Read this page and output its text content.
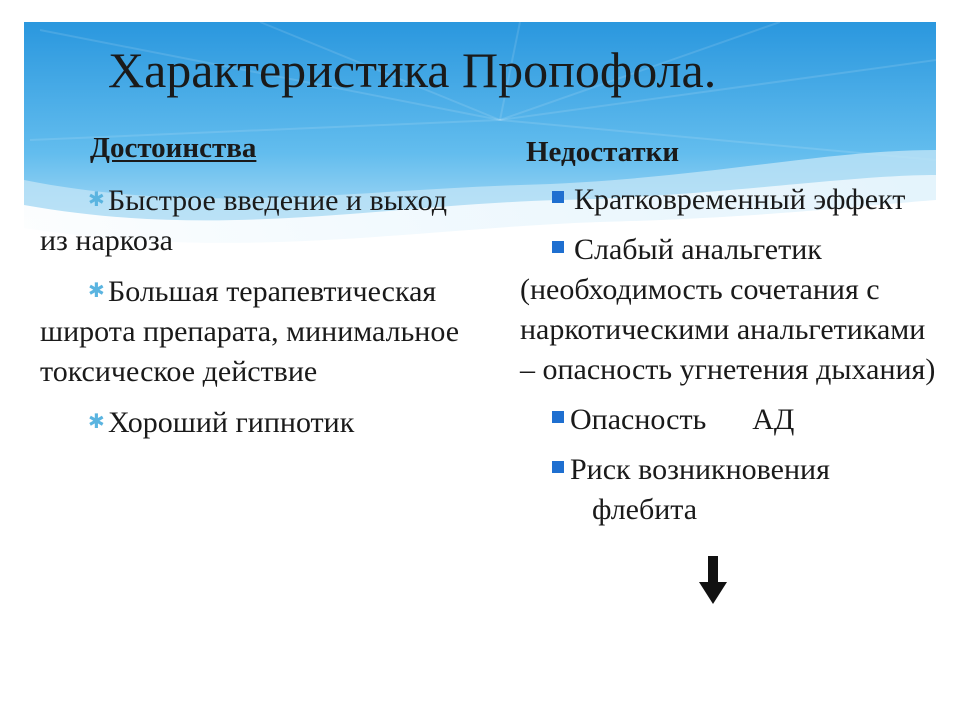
Характеристика Пропофола.
Достоинства	Недостатки
✱ Быстрое введение и выход из наркоза
✱ Большая терапевтическая широта препарата, минимальное токсическое действие
✱ Хороший гипнотик
Кратковременный эффект
Слабый анальгетик (необходимость сочетания с наркотическими анальгетиками – опасность угнетения дыхания)
Опасность АД
Риск возникновения
флебита
